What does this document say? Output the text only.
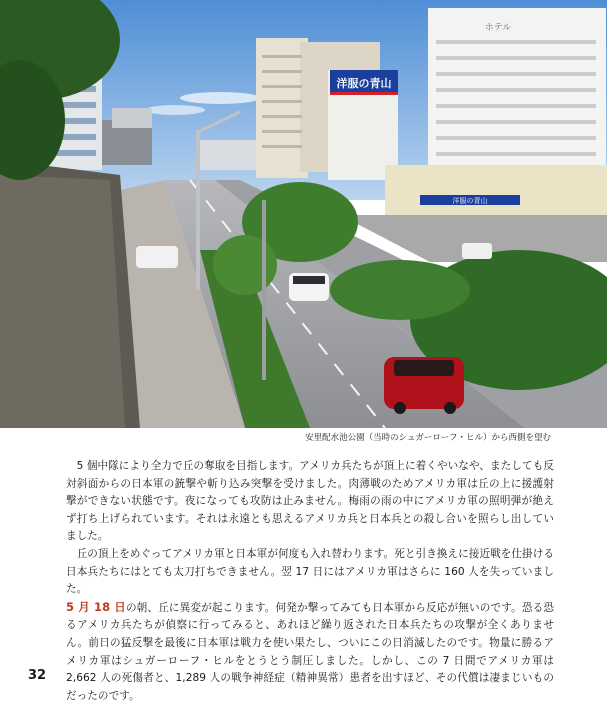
洋服の青山
ホテル
洋服の青山
安里配水池公園（当時のシュガーローフ・ヒル）から西側を望む

5 個中隊により全力で丘の奪取を目指します。アメリカ兵たちが頂上に着くやいなや、またしても反対斜面からの日本軍の銃撃や斬り込み突撃を受けました。肉薄戦のためアメリカ軍は丘の上に援護射撃ができない状態です。夜になっても攻防は止みません。梅雨の雨の中にアメリカ軍の照明弾が絶えず打ち上げられています。それは永遠とも思えるアメリカ兵と日本兵との殺し合いを照らし出していました。

丘の頂上をめぐってアメリカ軍と日本軍が何度も入れ替わります。死と引き換えに接近戦を仕掛ける日本兵たちにはとても太刀打ちできません。翌 17 日にはアメリカ軍はさらに 160 人を失っていました。

5 月 18 日の朝、丘に異変が起こります。何発か撃ってみても日本軍から反応が無いのです。恐る恐るアメリカ兵たちが偵察に行ってみると、あれほど繰り返された日本兵たちの攻撃が全くありません。前日の猛反撃を最後に日本軍は戦力を使い果たし、ついにこの日消滅したのです。物量に勝るアメリカ軍はシュガーローフ・ヒルをとうとう制圧しました。しかし、この 7 日間でアメリカ軍は 2,662 人の死傷者と、1,289 人の戦争神経症（精神異常）患者を出すほど、その代償は凄まじいものだったのです。

32
